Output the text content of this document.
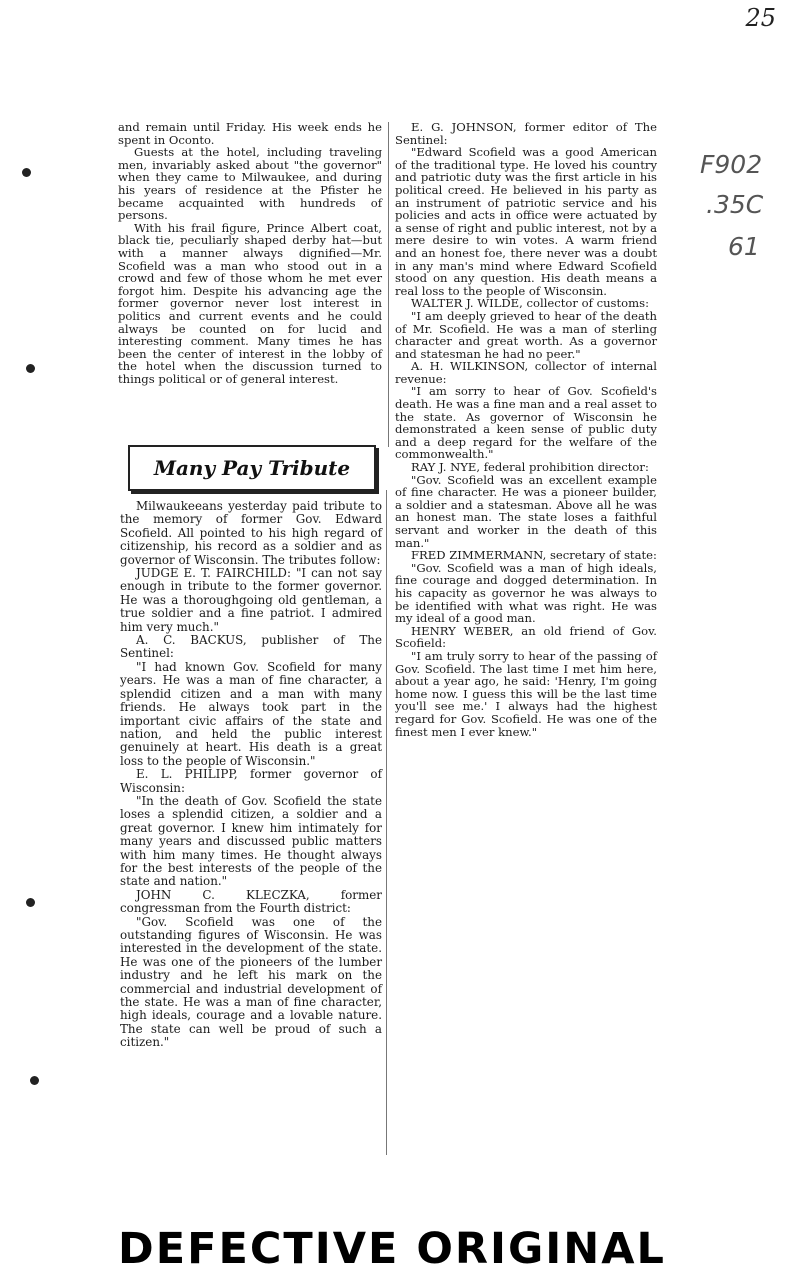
25
F902
.35C
61

and remain until Friday. His week ends he spent in Oconto.

Guests at the hotel, including traveling men, invariably asked about "the governor" when they came to Milwaukee, and during his years of residence at the Pfister he became acquainted with hundreds of persons.

With his frail figure, Prince Albert coat, black tie, peculiarly shaped derby hat—but with a manner always dignified—Mr. Scofield was a man who stood out in a crowd and few of those whom he met ever forgot him. Despite his advancing age the former governor never lost interest in politics and current events and he could always be counted on for lucid and interesting comment. Many times he has been the center of interest in the lobby of the hotel when the discussion turned to things political or of general interest.

Many Pay Tribute

Milwaukeeans yesterday paid tribute to the memory of former Gov. Edward Scofield. All pointed to his high regard of citizenship, his record as a soldier and as governor of Wisconsin. The tributes follow:

JUDGE E. T. FAIRCHILD: "I can not say enough in tribute to the former governor. He was a thoroughgoing old gentleman, a true soldier and a fine patriot. I admired him very much."

A. C. BACKUS, publisher of The Sentinel:

"I had known Gov. Scofield for many years. He was a man of fine character, a splendid citizen and a man with many friends. He always took part in the important civic affairs of the state and nation, and held the public interest genuinely at heart. His death is a great loss to the people of Wisconsin."

E. L. PHILIPP, former governor of Wisconsin:

"In the death of Gov. Scofield the state loses a splendid citizen, a soldier and a great governor. I knew him intimately for many years and discussed public matters with him many times. He thought always for the best interests of the people of the state and nation."

JOHN C. KLECZKA, former congressman from the Fourth district:

"Gov. Scofield was one of the outstanding figures of Wisconsin. He was interested in the development of the state. He was one of the pioneers of the lumber industry and he left his mark on the commercial and industrial development of the state. He was a man of fine character, high ideals, courage and a lovable nature. The state can well be proud of such a citizen."

E. G. JOHNSON, former editor of The Sentinel:

"Edward Scofield was a good American of the traditional type. He loved his country and patriotic duty was the first article in his political creed. He believed in his party as an instrument of patriotic service and his policies and acts in office were actuated by a sense of right and public interest, not by a mere desire to win votes. A warm friend and an honest foe, there never was a doubt in any man's mind where Edward Scofield stood on any question. His death means a real loss to the people of Wisconsin.

WALTER J. WILDE, collector of customs:

"I am deeply grieved to hear of the death of Mr. Scofield. He was a man of sterling character and great worth. As a governor and statesman he had no peer."

A. H. WILKINSON, collector of internal revenue:

"I am sorry to hear of Gov. Scofield's death. He was a fine man and a real asset to the state. As governor of Wisconsin he demonstrated a keen sense of public duty and a deep regard for the welfare of the commonwealth."

RAY J. NYE, federal prohibition director:

"Gov. Scofield was an excellent example of fine character. He was a pioneer builder, a soldier and a statesman. Above all he was an honest man. The state loses a faithful servant and worker in the death of this man."

FRED ZIMMERMANN, secretary of state:

"Gov. Scofield was a man of high ideals, fine courage and dogged determination. In his capacity as governor he was always to be identified with what was right. He was my ideal of a good man.

HENRY WEBER, an old friend of Gov. Scofield:

"I am truly sorry to hear of the passing of Gov. Scofield. The last time I met him here, about a year ago, he said: 'Henry, I'm going home now. I guess this will be the last time you'll see me.' I always had the highest regard for Gov. Scofield. He was one of the finest men I ever knew."

DEFECTIVE ORIGINAL
